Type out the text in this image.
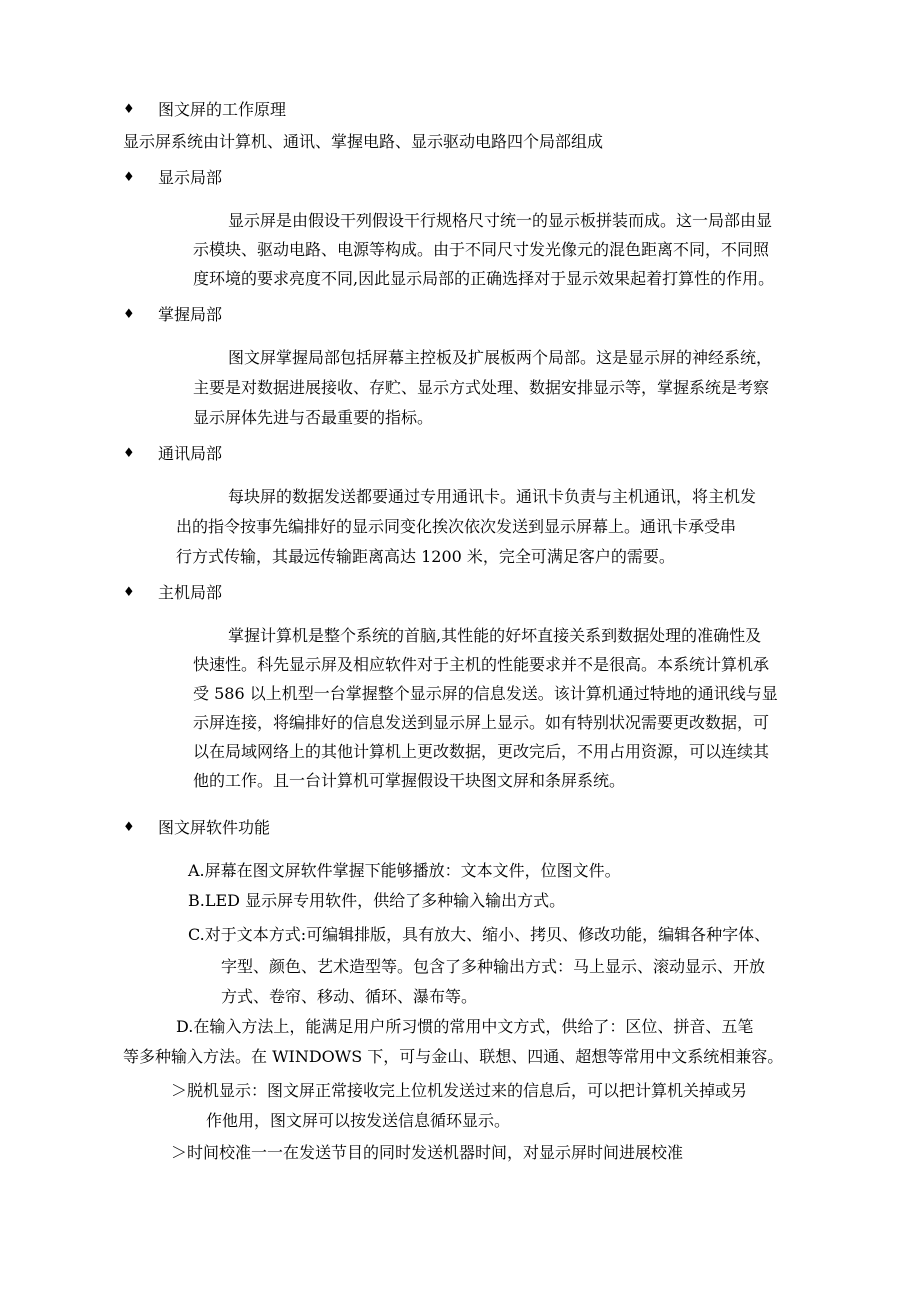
♦ 图文屏的工作原理
显示屏系统由计算机、通讯、掌握电路、显示驱动电路四个局部组成
♦ 显示局部
显示屏是由假设干列假设干行规格尺寸统一的显示板拼装而成。这一局部由显
示模块、驱动电路、电源等构成。由于不同尺寸发光像元的混色距离不同，不同照
度环境的要求亮度不同,因此显示局部的正确选择对于显示效果起着打算性的作用。
♦ 掌握局部
图文屏掌握局部包括屏幕主控板及扩展板两个局部。这是显示屏的神经系统，
主要是对数据进展接收、存贮、显示方式处理、数据安排显示等，掌握系统是考察
显示屏体先进与否最重要的指标。
♦ 通讯局部
每块屏的数据发送都要通过专用通讯卡。通讯卡负责与主机通讯，将主机发
出的指令按事先编排好的显示同变化挨次依次发送到显示屏幕上。通讯卡承受串
行方式传输，其最远传输距离高达 1200 米，完全可满足客户的需要。
♦ 主机局部
掌握计算机是整个系统的首脑,其性能的好坏直接关系到数据处理的准确性及
快速性。科先显示屏及相应软件对于主机的性能要求并不是很高。本系统计算机承
受 586 以上机型一台掌握整个显示屏的信息发送。该计算机通过特地的通讯线与显
示屏连接，将编排好的信息发送到显示屏上显示。如有特别状况需要更改数据，可
以在局域网络上的其他计算机上更改数据，更改完后，不用占用资源，可以连续其
他的工作。且一台计算机可掌握假设干块图文屏和条屏系统。
♦ 图文屏软件功能
A.屏幕在图文屏软件掌握下能够播放：文本文件，位图文件。
B.LED 显示屏专用软件，供给了多种输入输出方式。
C.对于文本方式:可编辑排版，具有放大、缩小、拷贝、修改功能，编辑各种字体、
字型、颜色、艺术造型等。包含了多种输出方式：马上显示、滚动显示、开放
方式、卷帘、移动、循环、瀑布等。
D.在输入方法上，能满足用户所习惯的常用中文方式，供给了：区位、拼音、五笔
等多种输入方法。在 WINDOWS 下，可与金山、联想、四通、超想等常用中文系统相兼容。
＞脱机显示：图文屏正常接收完上位机发送过来的信息后，可以把计算机关掉或另
作他用，图文屏可以按发送信息循环显示。
＞时间校准一一在发送节目的同时发送机器时间，对显示屏时间进展校准
